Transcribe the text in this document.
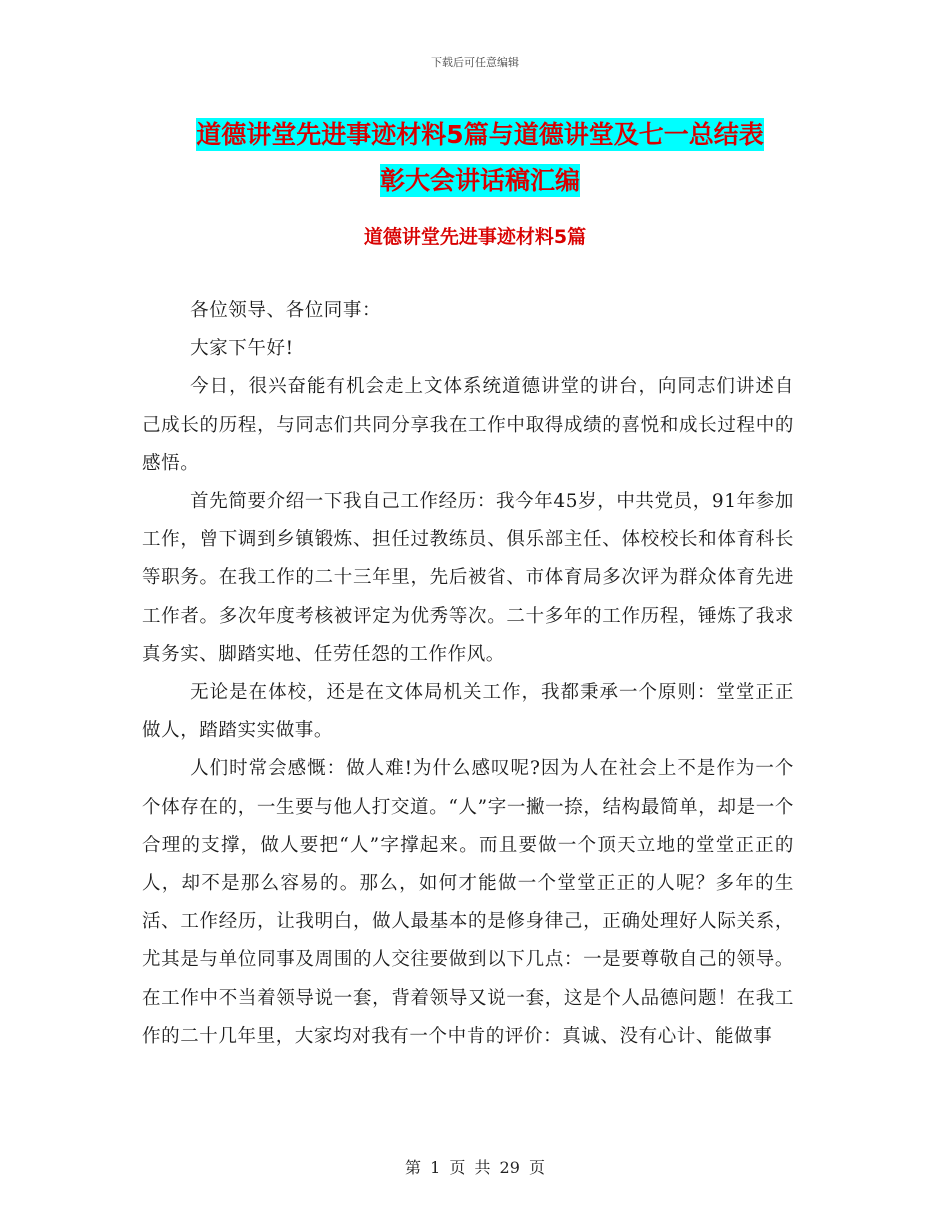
下载后可任意编辑
道德讲堂先进事迹材料5篇与道德讲堂及七一总结表
彰大会讲话稿汇编
道德讲堂先进事迹材料5篇

各位领导、各位同事：

大家下午好!

今日，很兴奋能有机会走上文体系统道德讲堂的讲台，向同志们讲述自己成长的历程，与同志们共同分享我在工作中取得成绩的喜悦和成长过程中的感悟。

首先简要介绍一下我自己工作经历：我今年45岁，中共党员，91年参加工作，曾下调到乡镇锻炼、担任过教练员、俱乐部主任、体校校长和体育科长等职务。在我工作的二十三年里，先后被省、市体育局多次评为群众体育先进工作者。多次年度考核被评定为优秀等次。二十多年的工作历程，锤炼了我求真务实、脚踏实地、任劳任怨的工作作风。

无论是在体校，还是在文体局机关工作，我都秉承一个原则：堂堂正正做人，踏踏实实做事。

人们时常会感慨：做人难!为什么感叹呢?因为人在社会上不是作为一个个体存在的，一生要与他人打交道。“人”字一撇一捺，结构最简单，却是一个合理的支撑，做人要把“人”字撑起来。而且要做一个顶天立地的堂堂正正的人，却不是那么容易的。那么，如何才能做一个堂堂正正的人呢？多年的生活、工作经历，让我明白，做人最基本的是修身律己，正确处理好人际关系，尤其是与单位同事及周围的人交往要做到以下几点：一是要尊敬自己的领导。在工作中不当着领导说一套，背着领导又说一套，这是个人品德问题！在我工作的二十几年里，大家均对我有一个中肯的评价：真诚、没有心计、能做事

第 1 页 共 29 页
